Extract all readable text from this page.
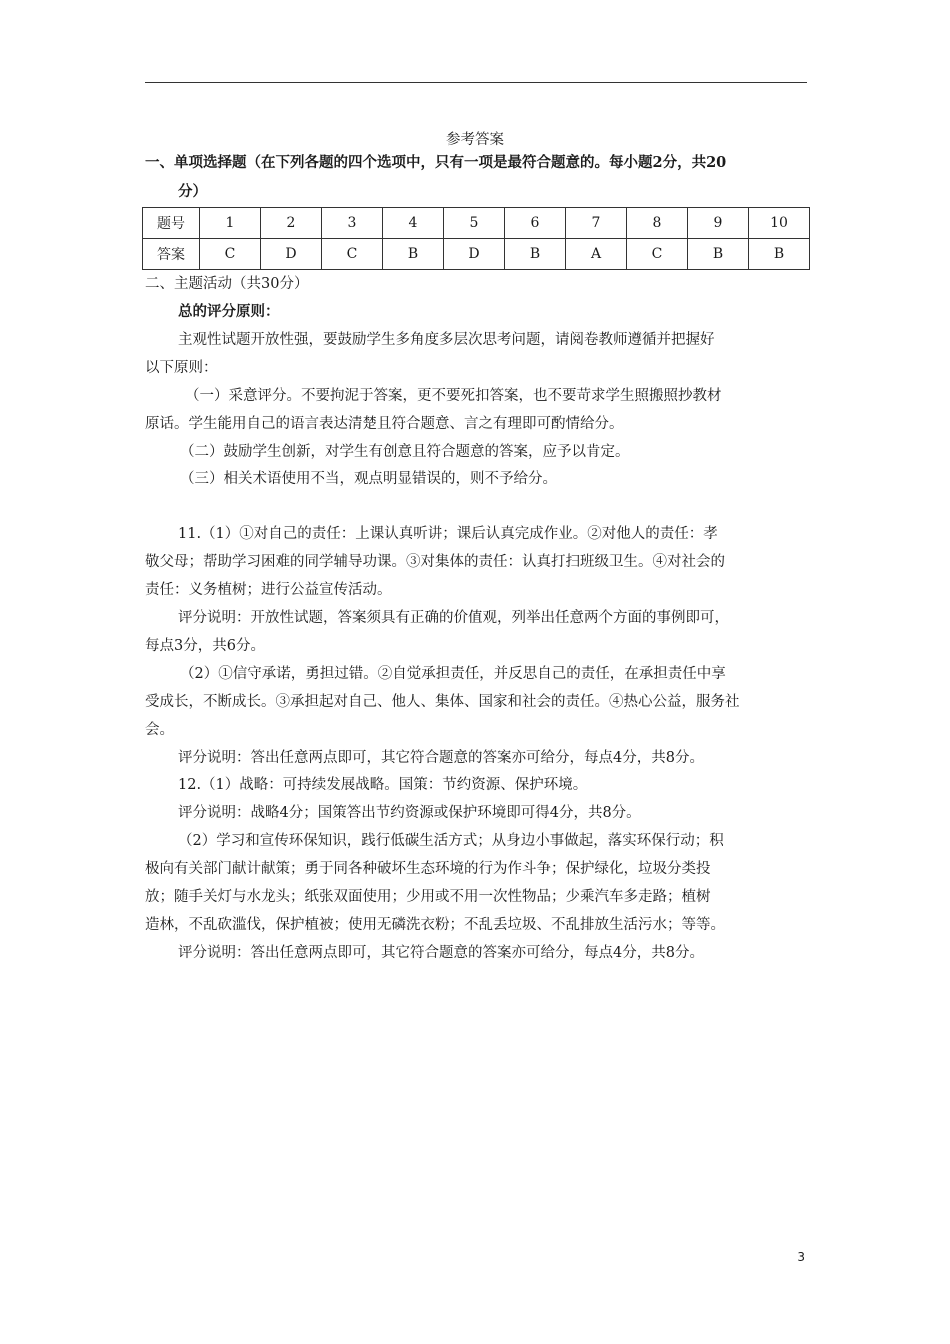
参考答案
一、单项选择题（在下列各题的四个选项中，只有一项是最符合题意的。每小题2分，共20
分）
题号	1	2	3	4	5	6	7	8	9	10
答案	C	D	C	B	D	B	A	C	B	B
二、主题活动（共30分）
总的评分原则：
主观性试题开放性强，要鼓励学生多角度多层次思考问题，请阅卷教师遵循并把握好
以下原则：
（一）采意评分。不要拘泥于答案，更不要死扣答案，也不要苛求学生照搬照抄教材
原话。学生能用自己的语言表达清楚且符合题意、言之有理即可酌情给分。
（二）鼓励学生创新，对学生有创意且符合题意的答案，应予以肯定。
（三）相关术语使用不当，观点明显错误的，则不予给分。
11.（1）①对自己的责任：上课认真听讲；课后认真完成作业。②对他人的责任：孝
敬父母；帮助学习困难的同学辅导功课。③对集体的责任：认真打扫班级卫生。④对社会的
责任：义务植树；进行公益宣传活动。
评分说明：开放性试题，答案须具有正确的价值观，列举出任意两个方面的事例即可，
每点3分，共6分。
（2）①信守承诺，勇担过错。②自觉承担责任，并反思自己的责任，在承担责任中享
受成长，不断成长。③承担起对自己、他人、集体、国家和社会的责任。④热心公益，服务社
会。
评分说明：答出任意两点即可，其它符合题意的答案亦可给分，每点4分，共8分。
12.（1）战略：可持续发展战略。国策：节约资源、保护环境。
评分说明：战略4分；国策答出节约资源或保护环境即可得4分，共8分。
（2）学习和宣传环保知识，践行低碳生活方式；从身边小事做起，落实环保行动；积
极向有关部门献计献策；勇于同各种破坏生态环境的行为作斗争；保护绿化，垃圾分类投
放；随手关灯与水龙头；纸张双面使用；少用或不用一次性物品；少乘汽车多走路；植树
造林，不乱砍滥伐，保护植被；使用无磷洗衣粉；不乱丢垃圾、不乱排放生活污水；等等。
评分说明：答出任意两点即可，其它符合题意的答案亦可给分，每点4分，共8分。
3
